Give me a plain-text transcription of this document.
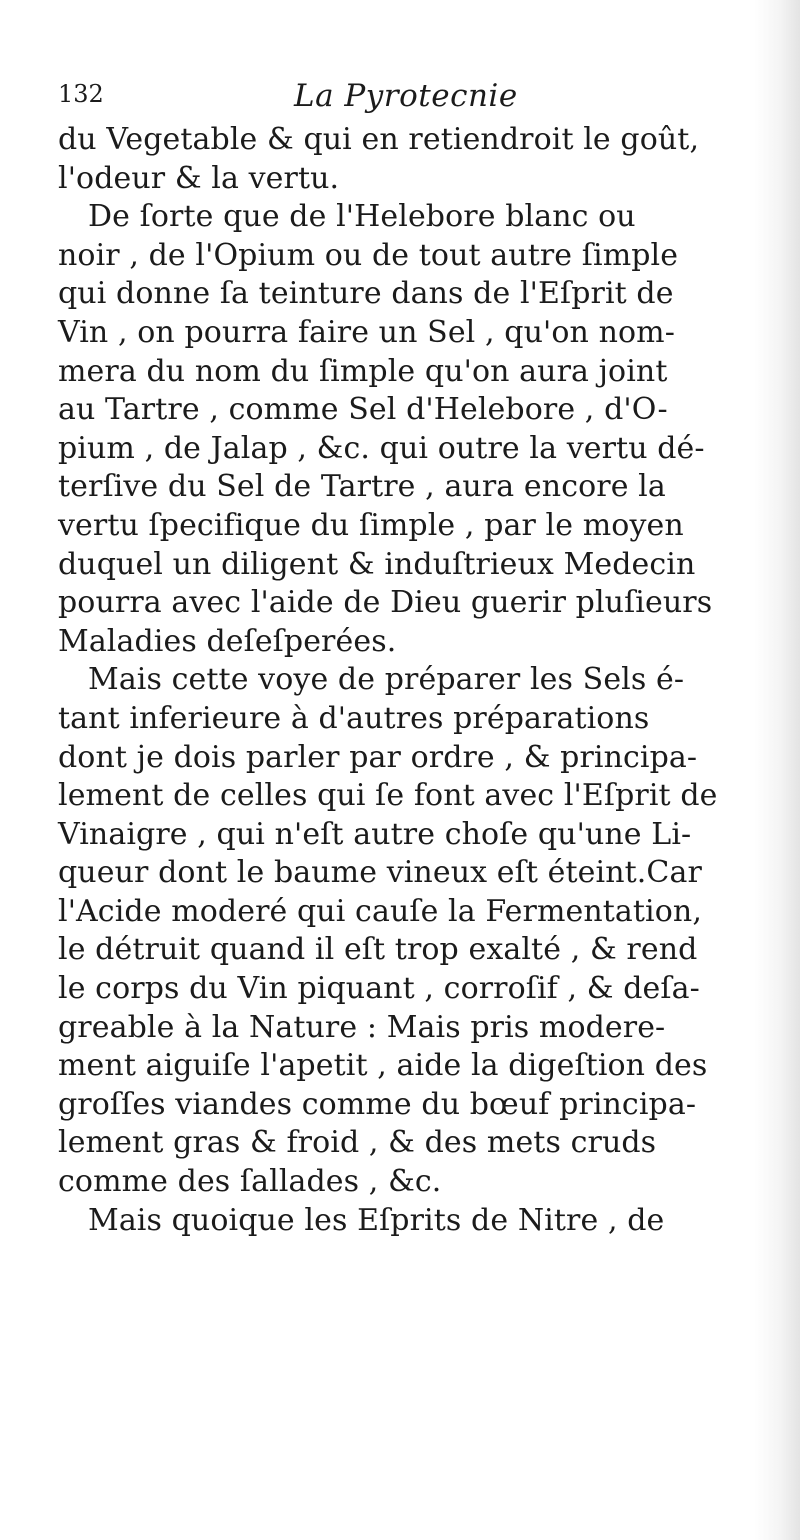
132	La Pyrotecnie
du Vegetable & qui en retiendroit le goût,
l'odeur & la vertu.
De ſorte que de l'Helebore blanc ou
noir , de l'Opium ou de tout autre ſimple
qui donne ſa teinture dans de l'Eſprit de
Vin , on pourra faire un Sel , qu'on nom-
mera du nom du ſimple qu'on aura joint
au Tartre , comme Sel d'Helebore , d'O-
pium , de Jalap , &c. qui outre la vertu dé-
terſive du Sel de Tartre , aura encore la
vertu ſpecifique du ſimple , par le moyen
duquel un diligent & induſtrieux Medecin
pourra avec l'aide de Dieu guerir pluſieurs
Maladies deſeſperées.
Mais cette voye de préparer les Sels é-
tant inferieure à d'autres préparations
dont je dois parler par ordre , & principa-
lement de celles qui ſe font avec l'Eſprit de
Vinaigre , qui n'eſt autre choſe qu'une Li-
queur dont le baume vineux eſt éteint.Car
l'Acide moderé qui cauſe la Fermentation,
le détruit quand il eſt trop exalté , & rend
le corps du Vin piquant , corroſif , & deſa-
greable à la Nature : Mais pris modere-
ment aiguiſe l'apetit , aide la digeſtion des
groſſes viandes comme du bœuf principa-
lement gras & froid , & des mets cruds
comme des ſallades , &c.
Mais quoique les Eſprits de Nitre , de
